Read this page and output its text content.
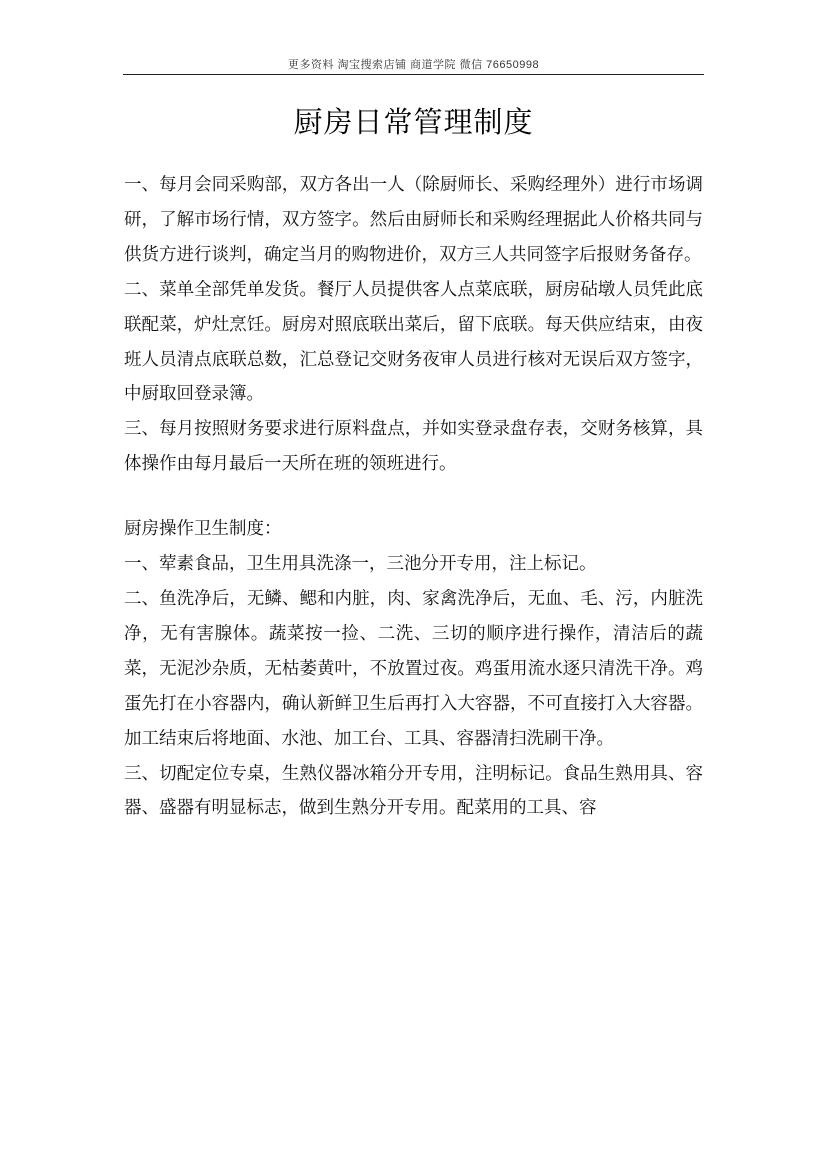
更多资料 淘宝搜索店铺 商道学院 微信 76650998
厨房日常管理制度

一、每月会同采购部，双方各出一人（除厨师长、采购经理外）进行市场调研，了解市场行情，双方签字。然后由厨师长和采购经理据此人价格共同与供货方进行谈判，确定当月的购物进价，双方三人共同签字后报财务备存。

二、菜单全部凭单发货。餐厅人员提供客人点菜底联，厨房砧墩人员凭此底联配菜，炉灶烹饪。厨房对照底联出菜后，留下底联。每天供应结束，由夜班人员清点底联总数，汇总登记交财务夜审人员进行核对无误后双方签字，中厨取回登录簿。

三、每月按照财务要求进行原料盘点，并如实登录盘存表，交财务核算，具体操作由每月最后一天所在班的领班进行。

厨房操作卫生制度：

一、荤素食品，卫生用具洗涤一，三池分开专用，注上标记。

二、鱼洗净后，无鳞、鳃和内脏，肉、家禽洗净后，无血、毛、污，内脏洗净，无有害腺体。蔬菜按一捡、二洗、三切的顺序进行操作，清洁后的蔬菜，无泥沙杂质，无枯萎黄叶，不放置过夜。鸡蛋用流水逐只清洗干净。鸡蛋先打在小容器内，确认新鲜卫生后再打入大容器，不可直接打入大容器。加工结束后将地面、水池、加工台、工具、容器清扫洗刷干净。

三、切配定位专桌，生熟仪器冰箱分开专用，注明标记。食品生熟用具、容器、盛器有明显标志，做到生熟分开专用。配菜用的工具、容
